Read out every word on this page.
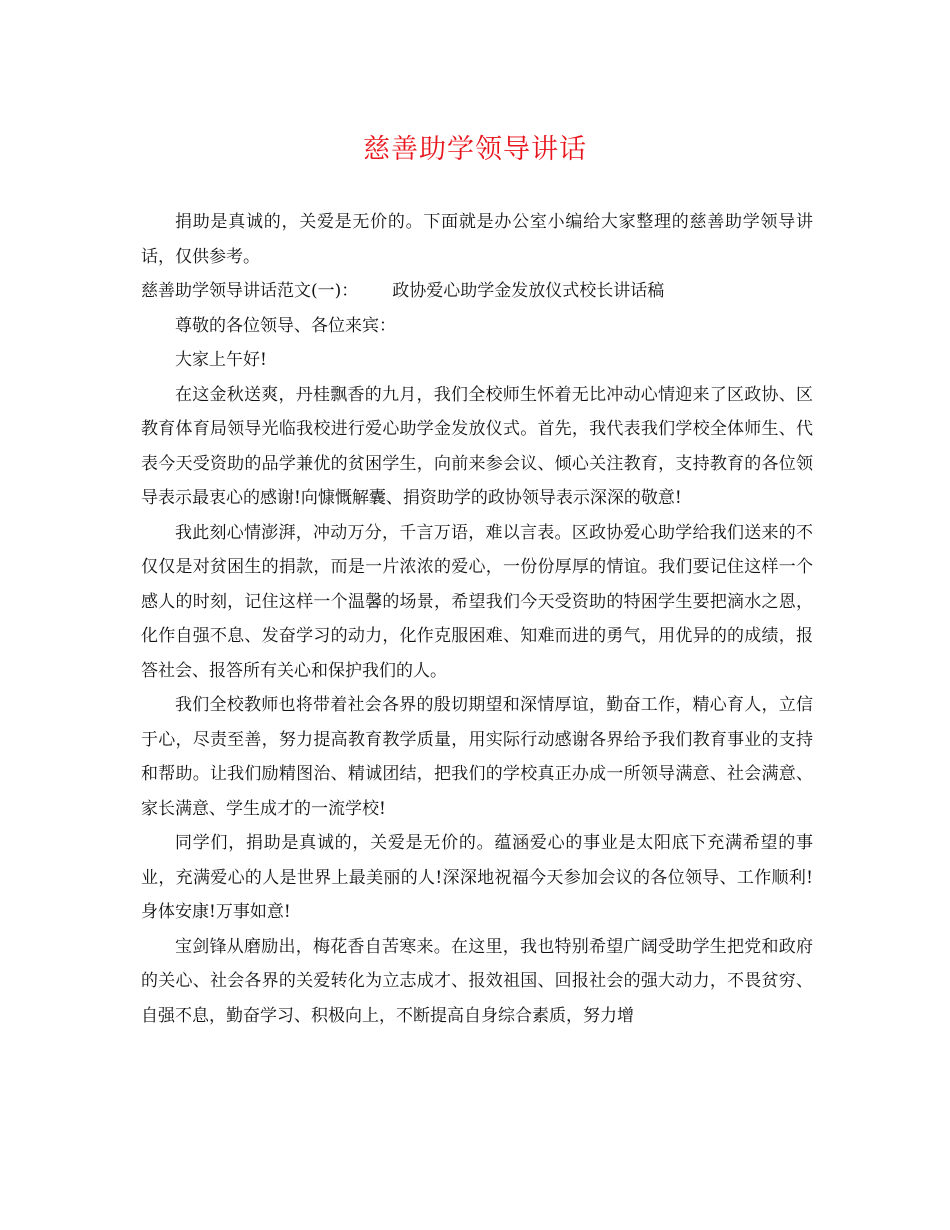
慈善助学领导讲话

捐助是真诚的，关爱是无价的。下面就是办公室小编给大家整理的慈善助学领导讲话，仅供参考。

慈善助学领导讲话范文(一)： 政协爱心助学金发放仪式校长讲话稿

尊敬的各位领导、各位来宾：

大家上午好!

在这金秋送爽，丹桂飘香的九月，我们全校师生怀着无比冲动心情迎来了区政协、区教育体育局领导光临我校进行爱心助学金发放仪式。首先，我代表我们学校全体师生、代表今天受资助的品学兼优的贫困学生，向前来参会议、倾心关注教育，支持教育的各位领导表示最衷心的感谢!向慷慨解囊、捐资助学的政协领导表示深深的敬意!

我此刻心情澎湃，冲动万分，千言万语，难以言表。区政协爱心助学给我们送来的不仅仅是对贫困生的捐款，而是一片浓浓的爱心，一份份厚厚的情谊。我们要记住这样一个感人的时刻，记住这样一个温馨的场景，希望我们今天受资助的特困学生要把滴水之恩，化作自强不息、发奋学习的动力，化作克服困难、知难而进的勇气，用优异的的成绩，报答社会、报答所有关心和保护我们的人。

我们全校教师也将带着社会各界的殷切期望和深情厚谊，勤奋工作，精心育人，立信于心，尽责至善，努力提高教育教学质量，用实际行动感谢各界给予我们教育事业的支持和帮助。让我们励精图治、精诚团结，把我们的学校真正办成一所领导满意、社会满意、家长满意、学生成才的一流学校!

同学们，捐助是真诚的，关爱是无价的。蕴涵爱心的事业是太阳底下充满希望的事业，充满爱心的人是世界上最美丽的人!深深地祝福今天参加会议的各位领导、工作顺利!身体安康!万事如意!

宝剑锋从磨励出，梅花香自苦寒来。在这里，我也特别希望广阔受助学生把党和政府的关心、社会各界的关爱转化为立志成才、报效祖国、回报社会的强大动力，不畏贫穷、自强不息，勤奋学习、积极向上，不断提高自身综合素质，努力增
